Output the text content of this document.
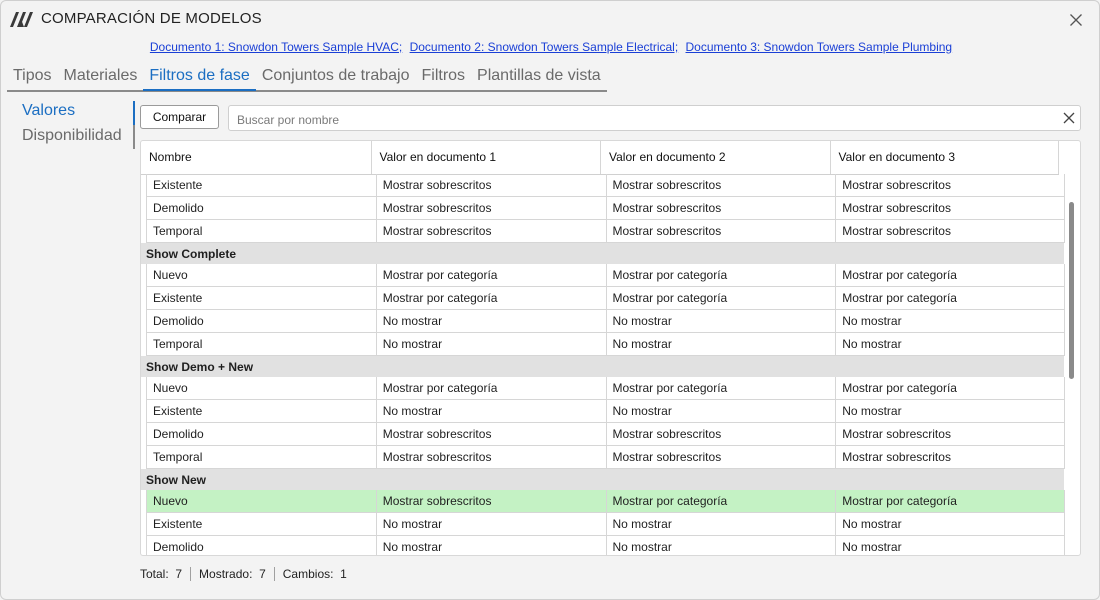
COMPARACIÓN DE MODELOS
Documento 1: Snowdon Towers Sample HVAC; Documento 2: Snowdon Towers Sample Electrical; Documento 3: Snowdon Towers Sample Plumbing
Tipos Materiales Filtros de fase Conjuntos de trabajo Filtros Plantillas de vista
Valores
Disponibilidad
Comparar
Buscar por nombre
Nombre	Valor en documento 1	Valor en documento 2	Valor en documento 3
Existente	Mostrar sobrescritos	Mostrar sobrescritos	Mostrar sobrescritos
Demolido	Mostrar sobrescritos	Mostrar sobrescritos	Mostrar sobrescritos
Temporal	Mostrar sobrescritos	Mostrar sobrescritos	Mostrar sobrescritos
Show Complete
Nuevo	Mostrar por categoría	Mostrar por categoría	Mostrar por categoría
Existente	Mostrar por categoría	Mostrar por categoría	Mostrar por categoría
Demolido	No mostrar	No mostrar	No mostrar
Temporal	No mostrar	No mostrar	No mostrar
Show Demo + New
Nuevo	Mostrar por categoría	Mostrar por categoría	Mostrar por categoría
Existente	No mostrar	No mostrar	No mostrar
Demolido	Mostrar sobrescritos	Mostrar sobrescritos	Mostrar sobrescritos
Temporal	Mostrar sobrescritos	Mostrar sobrescritos	Mostrar sobrescritos
Show New
Nuevo	Mostrar sobrescritos	Mostrar por categoría	Mostrar por categoría
Existente	No mostrar	No mostrar	No mostrar
Demolido	No mostrar	No mostrar	No mostrar
Total: 7	Mostrado: 7	Cambios: 1
